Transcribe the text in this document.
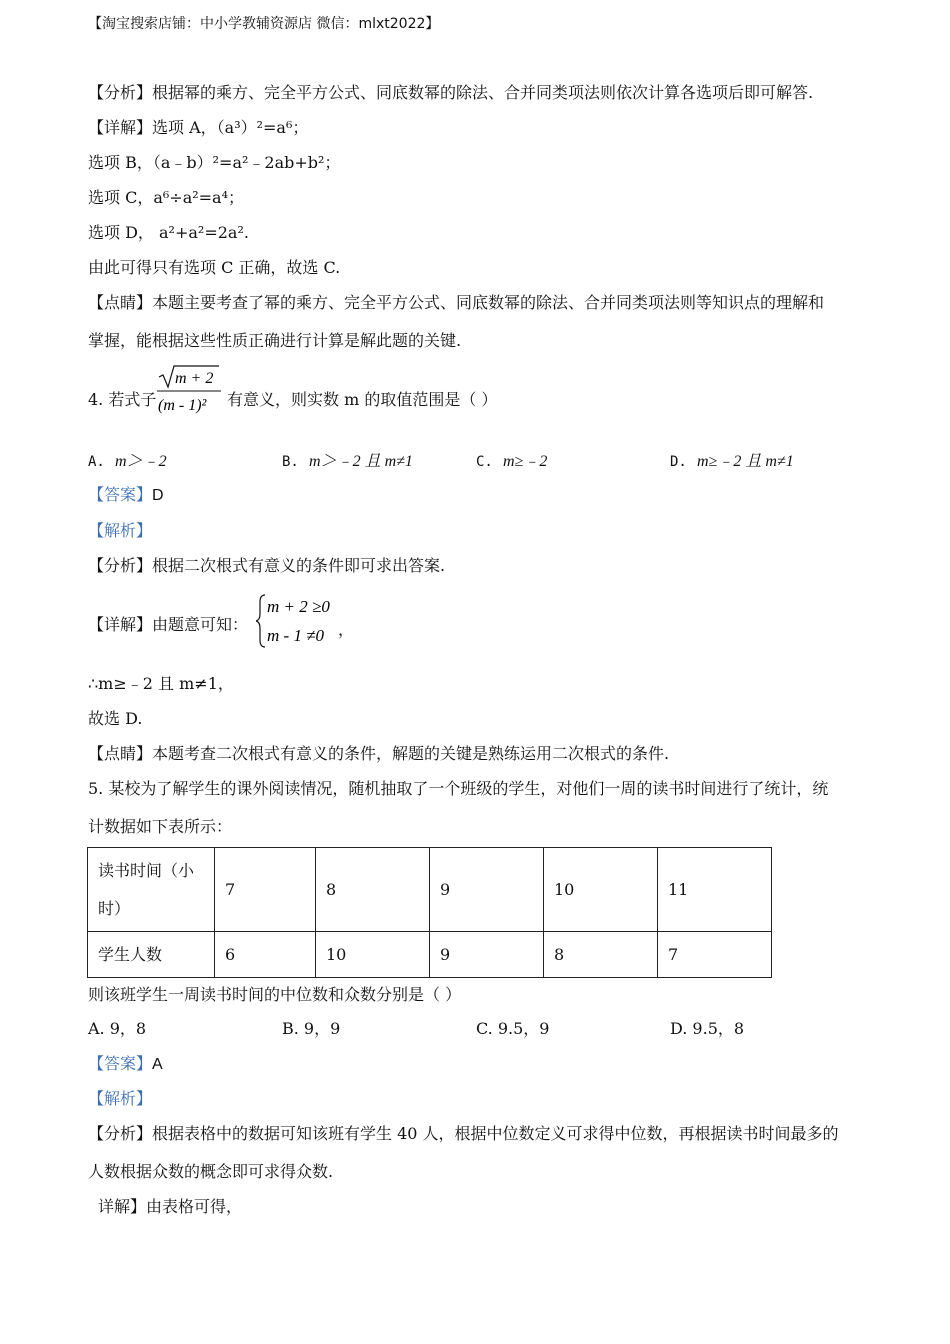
【淘宝搜索店铺：中小学教辅资源店 微信：mlxt2022】
【分析】根据幂的乘方、完全平方公式、同底数幂的除法、合并同类项法则依次计算各选项后即可解答.
【详解】选项 A，（a³）²=a⁶；
选项 B，（a﹣b）²=a²﹣2ab+b²；
选项 C，a⁶÷a²=a⁴；
选项 D， a²+a²=2a².
由此可得只有选项 C 正确，故选 C.
【点睛】本题主要考查了幂的乘方、完全平方公式、同底数幂的除法、合并同类项法则等知识点的理解和
掌握，能根据这些性质正确进行计算是解此题的关键.
4. 若式子
m + 2
(m - 1)² 有意义，则实数 m 的取值范围是（ ）
A. m＞﹣2	B. m＞﹣2 且 m≠1	C. m≥﹣2	D. m≥﹣2 且 m≠1
【答案】D
【解析】
【分析】根据二次根式有意义的条件即可求出答案.
【详解】由题意可知：
m + 2 ≥0
m - 1 ≠0 ，
∴m≥﹣2 且 m≠1，
故选 D.
【点睛】本题考查二次根式有意义的条件，解题的关键是熟练运用二次根式的条件.
5. 某校为了解学生的课外阅读情况，随机抽取了一个班级的学生，对他们一周的读书时间进行了统计，统
计数据如下表所示：
读书时间（小
时）	7	8	9	10	11
学生人数	6	10	9	8	7
则该班学生一周读书时间的中位数和众数分别是（ ）
A. 9，8	B. 9，9	C. 9.5，9	D. 9.5，8
【答案】A
【解析】
【分析】根据表格中的数据可知该班有学生 40 人，根据中位数定义可求得中位数，再根据读书时间最多的
人数根据众数的概念即可求得众数.
详解】由表格可得，
